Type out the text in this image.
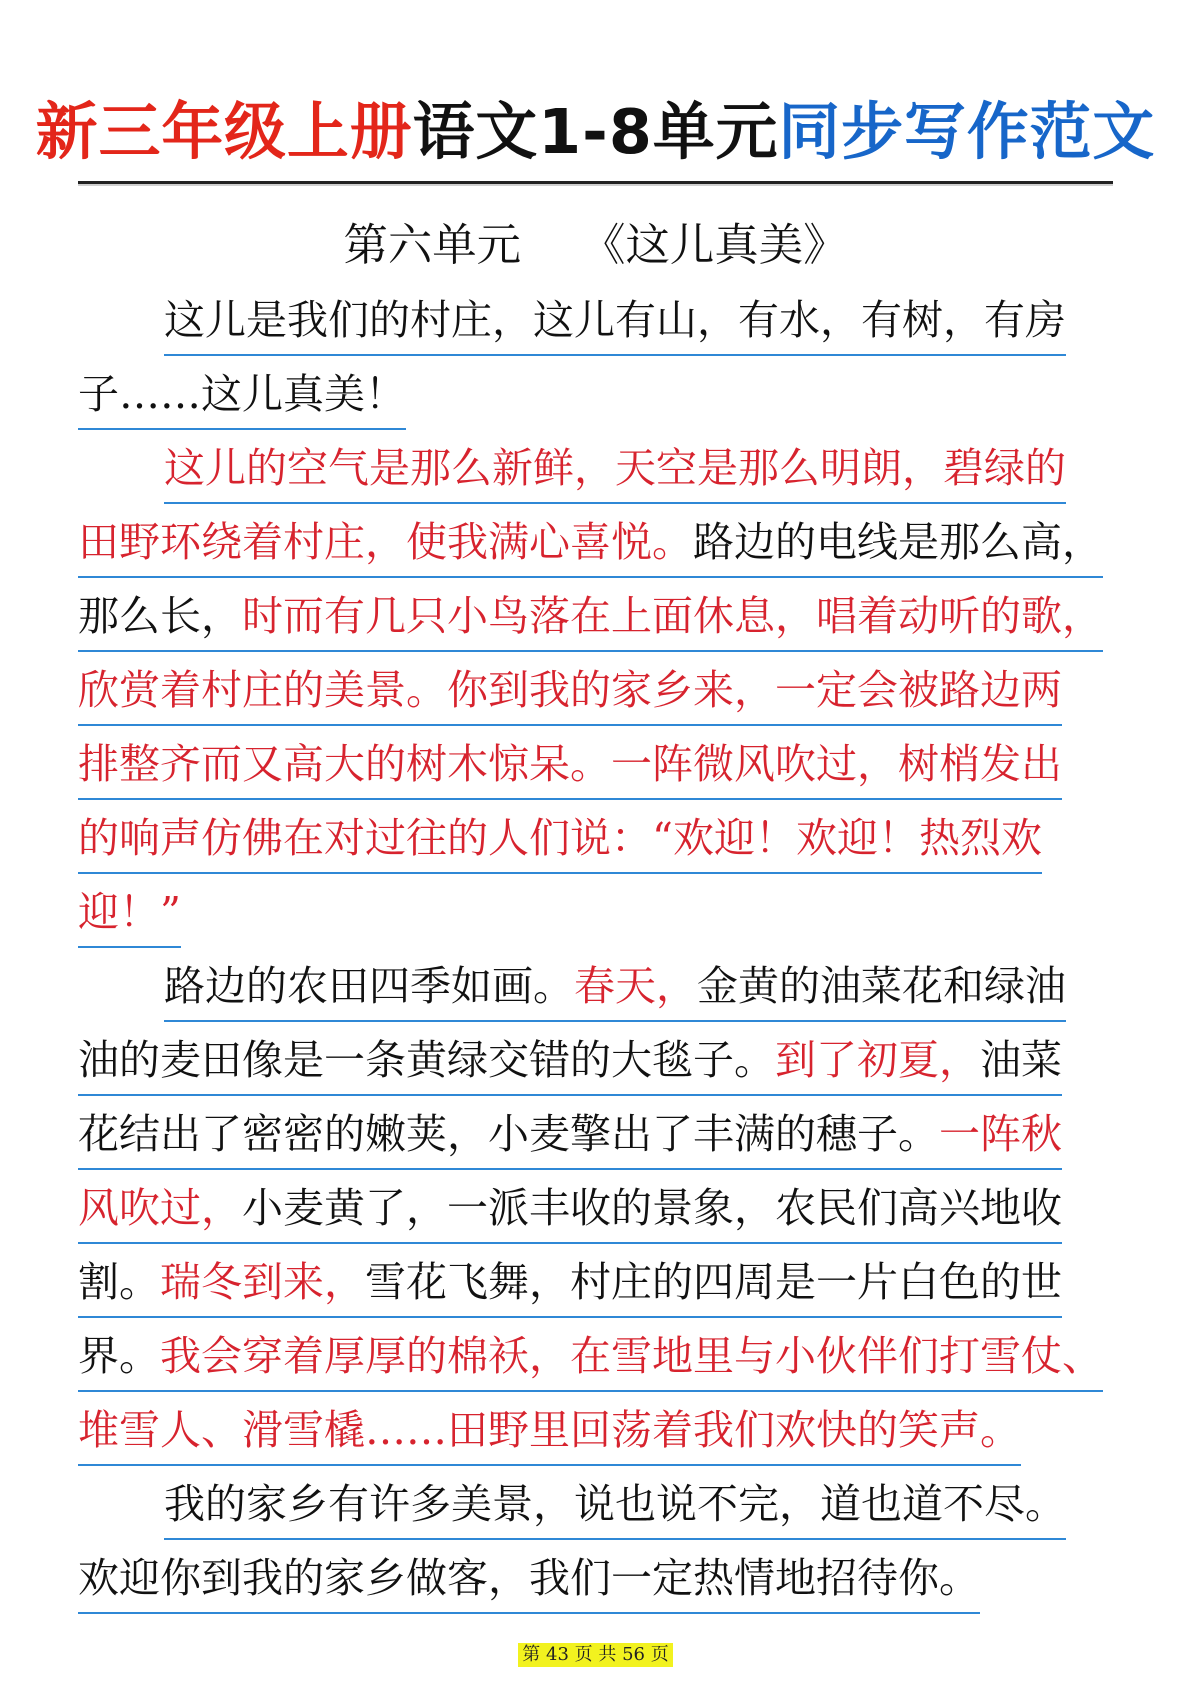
新三年级上册语文1-8单元同步写作范文
第六单元 《这儿真美》
这儿是我们的村庄，这儿有山，有水，有树，有房
子……这儿真美！
这儿的空气是那么新鲜，天空是那么明朗，碧绿的
田野环绕着村庄，使我满心喜悦。路边的电线是那么高，
那么长，时而有几只小鸟落在上面休息，唱着动听的歌，
欣赏着村庄的美景。你到我的家乡来，一定会被路边两
排整齐而又高大的树木惊呆。一阵微风吹过，树梢发出
的响声仿佛在对过往的人们说：“欢迎！欢迎！热烈欢
迎！”
路边的农田四季如画。春天，金黄的油菜花和绿油
油的麦田像是一条黄绿交错的大毯子。到了初夏，油菜
花结出了密密的嫩荚，小麦擎出了丰满的穗子。一阵秋
风吹过，小麦黄了，一派丰收的景象，农民们高兴地收
割。瑞冬到来，雪花飞舞，村庄的四周是一片白色的世
界。我会穿着厚厚的棉袄，在雪地里与小伙伴们打雪仗、
堆雪人、滑雪橇……田野里回荡着我们欢快的笑声。
我的家乡有许多美景，说也说不完，道也道不尽。
欢迎你到我的家乡做客，我们一定热情地招待你。
第 43 页 共 56 页
